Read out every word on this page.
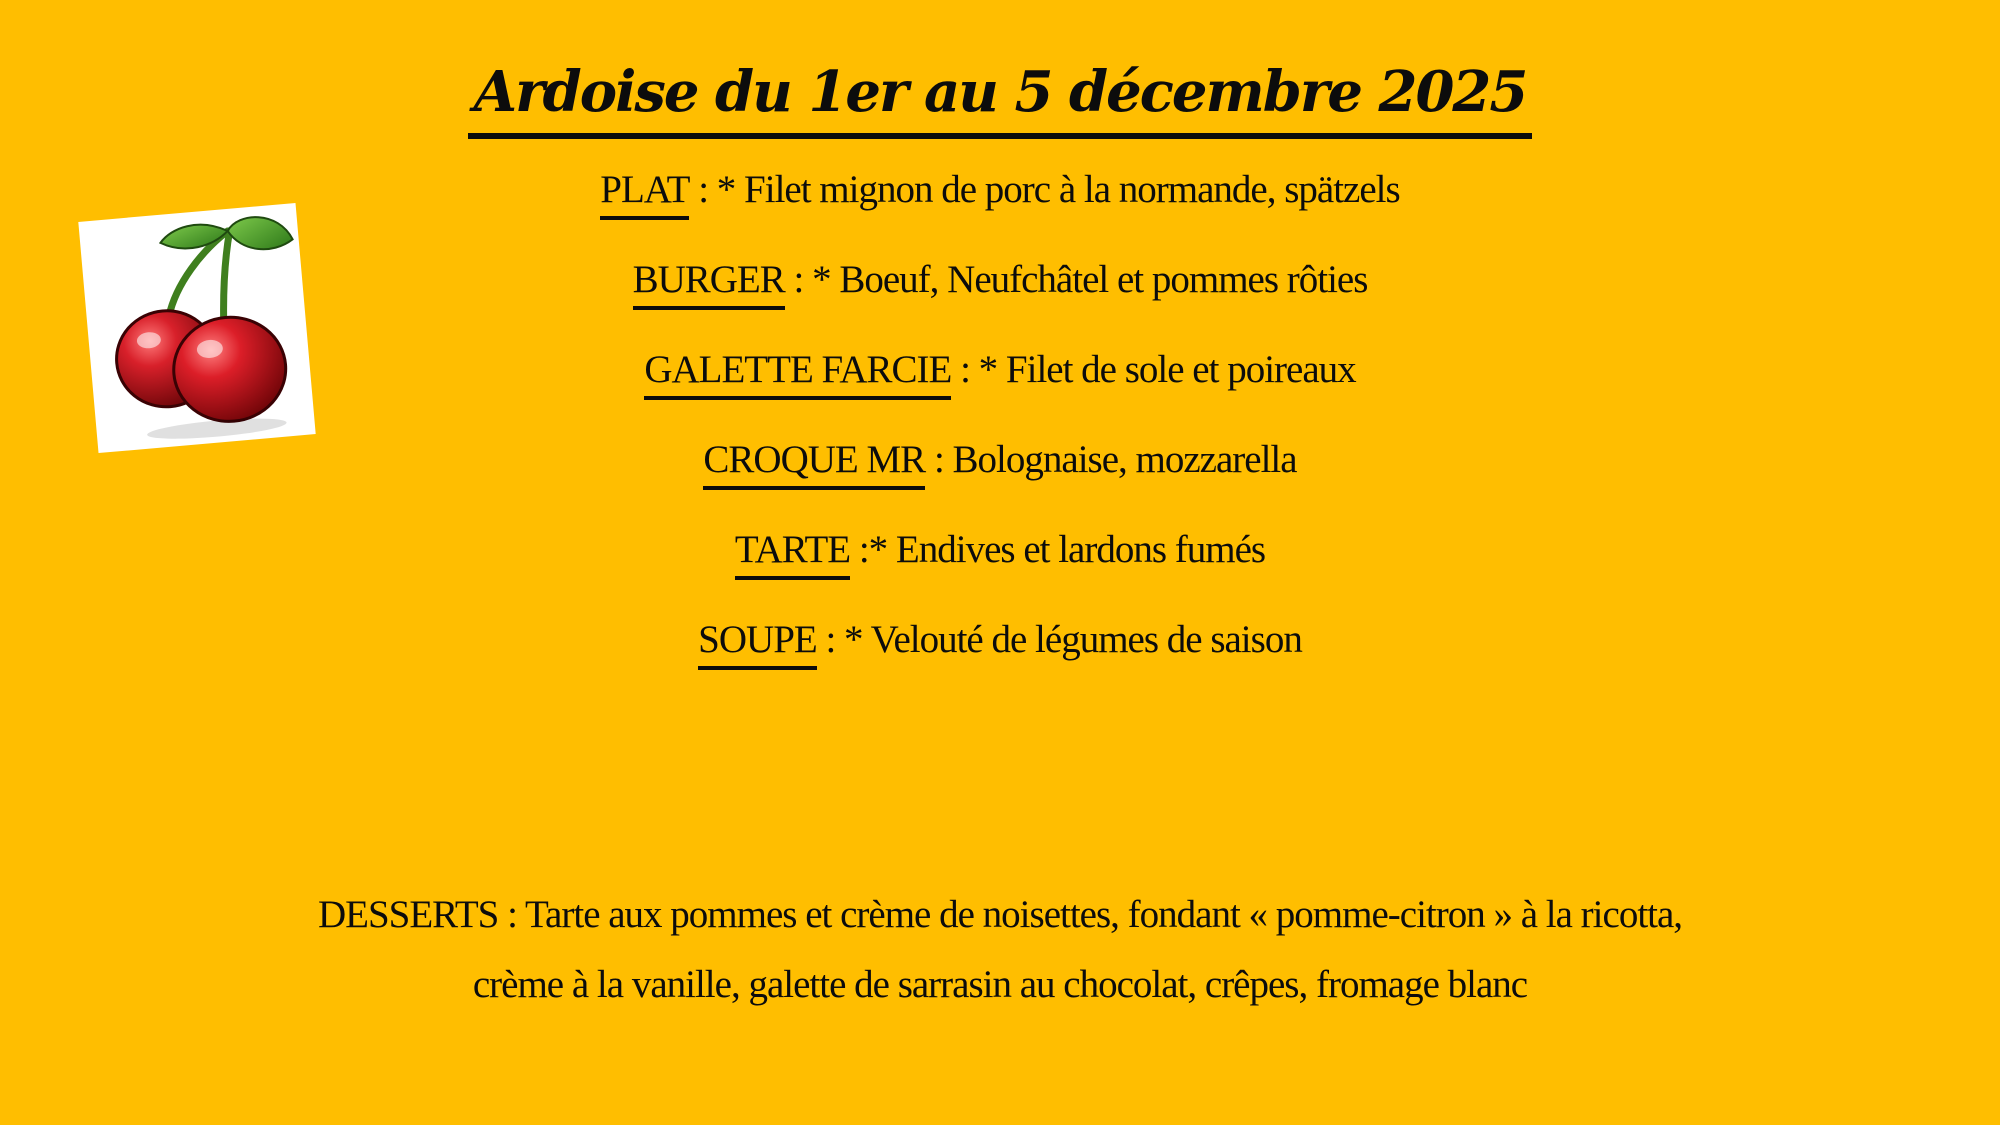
Ardoise du 1er au 5 décembre 2025
PLAT : * Filet mignon de porc à la normande, spätzels
BURGER : * Boeuf, Neufchâtel et pommes rôties
GALETTE FARCIE : * Filet de sole et poireaux
CROQUE MR : Bolognaise, mozzarella
TARTE :* Endives et lardons fumés
SOUPE : * Velouté de légumes de saison
DESSERTS : Tarte aux pommes et crème de noisettes, fondant « pomme-citron » à la ricotta,
crème à la vanille, galette de sarrasin au chocolat, crêpes, fromage blanc
